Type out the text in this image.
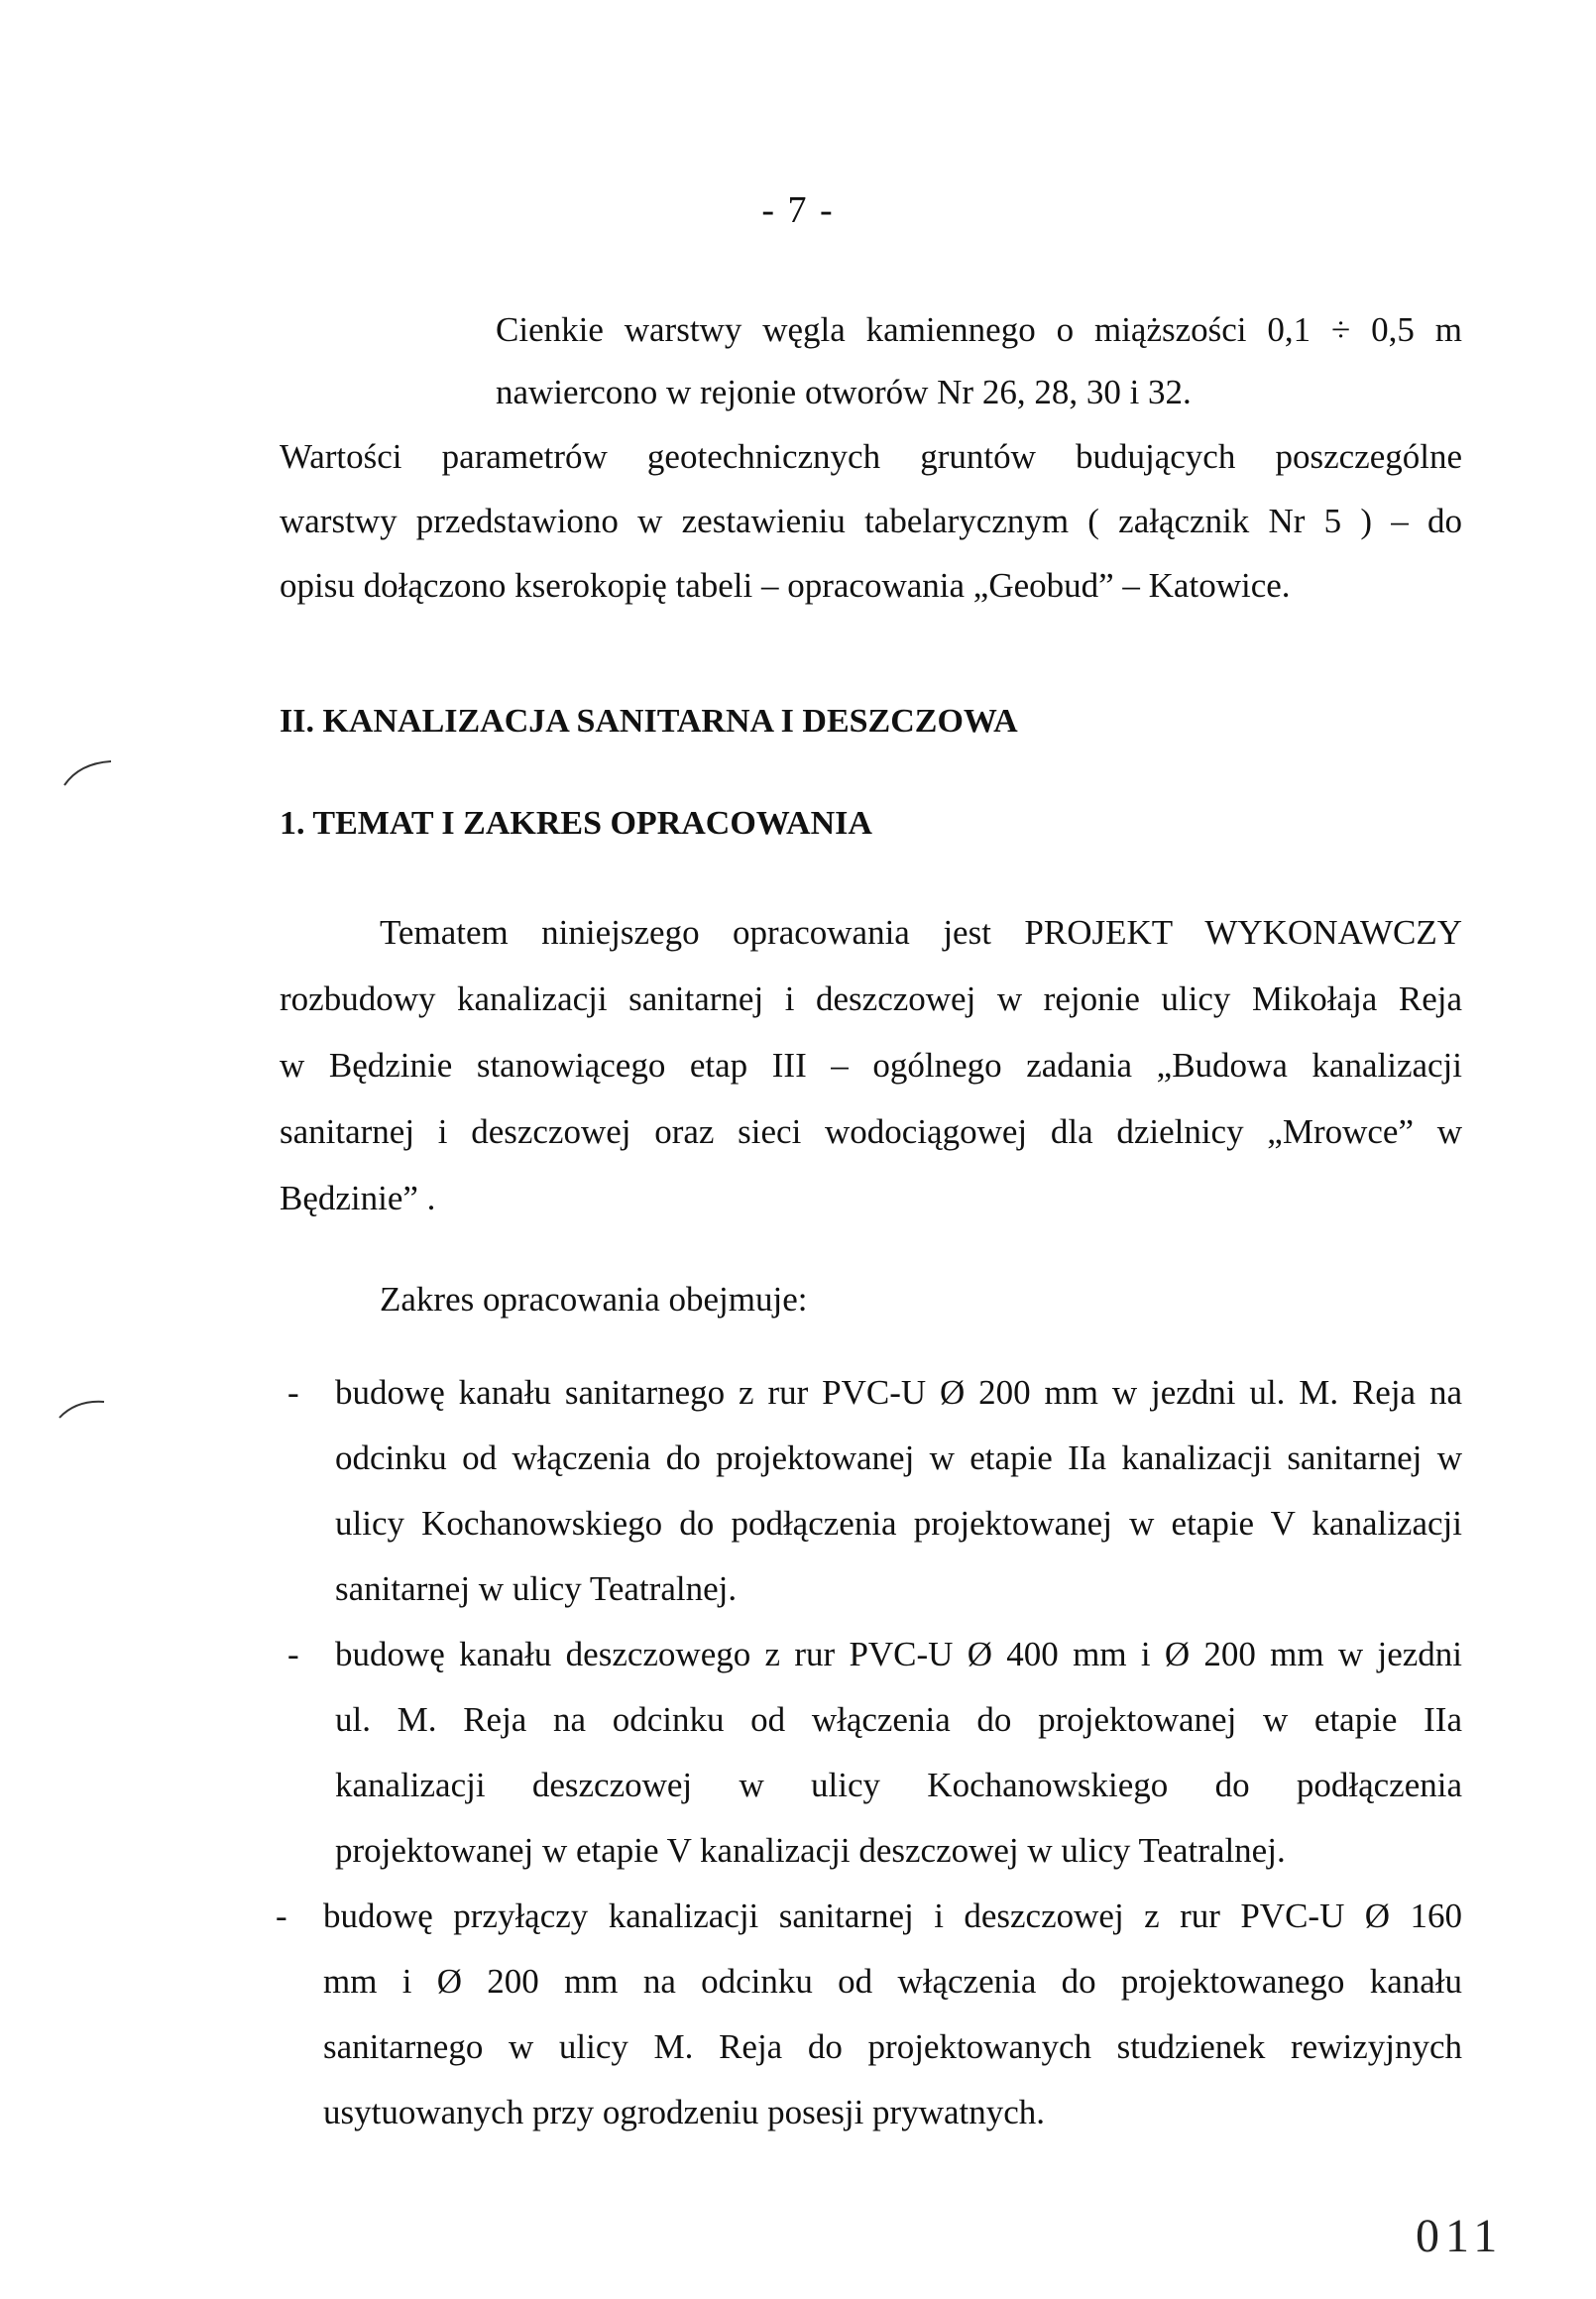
- 7 -
Cienkie warstwy węgla kamiennego o miąższości 0,1 ÷ 0,5 m
nawiercono w rejonie otworów Nr 26, 28, 30 i 32.
Wartości parametrów geotechnicznych gruntów budujących poszczególne
warstwy przedstawiono w zestawieniu tabelarycznym ( załącznik Nr 5 ) – do
opisu dołączono kserokopię tabeli – opracowania „Geobud” – Katowice.
II. KANALIZACJA SANITARNA I DESZCZOWA
1. TEMAT I ZAKRES OPRACOWANIA
Tematem niniejszego opracowania jest PROJEKT WYKONAWCZY
rozbudowy kanalizacji sanitarnej i deszczowej w rejonie ulicy Mikołaja Reja
w Będzinie stanowiącego etap III – ogólnego zadania „Budowa kanalizacji
sanitarnej i deszczowej oraz sieci wodociągowej dla dzielnicy „Mrowce” w
Będzinie” .
Zakres opracowania obejmuje:
- budowę kanału sanitarnego z rur PVC-U Ø 200 mm w jezdni ul. M. Reja na
odcinku od włączenia do projektowanej w etapie IIa kanalizacji sanitarnej w
ulicy Kochanowskiego do podłączenia projektowanej w etapie V kanalizacji
sanitarnej w ulicy Teatralnej.
- budowę kanału deszczowego z rur PVC-U Ø 400 mm i Ø 200 mm w jezdni
ul. M. Reja na odcinku od włączenia do projektowanej w etapie IIa
kanalizacji deszczowej w ulicy Kochanowskiego do podłączenia
projektowanej w etapie V kanalizacji deszczowej w ulicy Teatralnej.
- budowę przyłączy kanalizacji sanitarnej i deszczowej z rur PVC-U Ø 160
mm i Ø 200 mm na odcinku od włączenia do projektowanego kanału
sanitarnego w ulicy M. Reja do projektowanych studzienek rewizyjnych
usytuowanych przy ogrodzeniu posesji prywatnych.
011
